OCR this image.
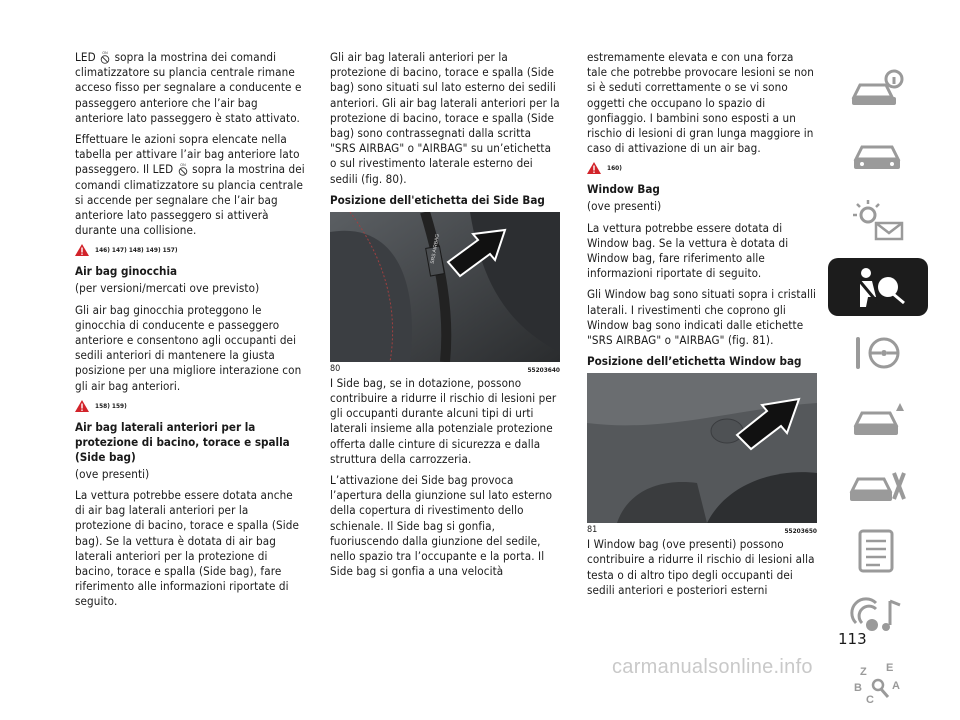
LED ON sopra la mostrina dei comandi climatizzatore su plancia centrale rimane acceso fisso per segnalare a conducente e passeggero anteriore che l’air bag anteriore lato passeggero è stato attivato.

Effettuare le azioni sopra elencate nella tabella per attivare l’air bag anteriore lato passeggero. Il LED ON sopra la mostrina dei comandi climatizzatore su plancia centrale si accende per segnalare che l’air bag anteriore lato passeggero si attiverà durante una collisione.

146) 147) 148) 149) 157)
Air bag ginocchia

(per versioni/mercati ove previsto)

Gli air bag ginocchia proteggono le ginocchia di conducente e passeggero anteriore e consentono agli occupanti dei sedili anteriori di mantenere la giusta posizione per una migliore interazione con gli air bag anteriori.

158) 159)
Air bag laterali anteriori per la protezione di bacino, torace e spalla (Side bag)

(ove presenti)

La vettura potrebbe essere dotata anche di air bag laterali anteriori per la protezione di bacino, torace e spalla (Side bag). Se la vettura è dotata di air bag laterali anteriori per la protezione di bacino, torace e spalla (Side bag), fare riferimento alle informazioni riportate di seguito.

Gli air bag laterali anteriori per la protezione di bacino, torace e spalla (Side bag) sono situati sul lato esterno dei sedili anteriori. Gli air bag laterali anteriori per la protezione di bacino, torace e spalla (Side bag) sono contrassegnati dalla scritta "SRS AIRBAG" o "AIRBAG" su un’etichetta o sul rivestimento laterale esterno dei sedili (fig. 80).

Posizione dell'etichetta dei Side Bag
SRS AIRBAG
80	55203640

I Side bag, se in dotazione, possono contribuire a ridurre il rischio di lesioni per gli occupanti durante alcuni tipi di urti laterali insieme alla potenziale protezione offerta dalle cinture di sicurezza e dalla struttura della carrozzeria.

L’attivazione dei Side bag provoca l’apertura della giunzione sul lato esterno della copertura di rivestimento dello schienale. Il Side bag si gonfia, fuoriuscendo dalla giunzione del sedile, nello spazio tra l’occupante e la porta. Il Side bag si gonfia a una velocità

estremamente elevata e con una forza tale che potrebbe provocare lesioni se non si è seduti correttamente o se vi sono oggetti che occupano lo spazio di gonfiaggio. I bambini sono esposti a un rischio di lesioni di gran lunga maggiore in caso di attivazione di un air bag.

160)
Window Bag

(ove presenti)

La vettura potrebbe essere dotata di Window bag. Se la vettura è dotata di Window bag, fare riferimento alle informazioni riportate di seguito.

Gli Window bag sono situati sopra i cristalli laterali. I rivestimenti che coprono gli Window bag sono indicati dalle etichette "SRS AIRBAG" o "AIRBAG" (fig. 81).

Posizione dell’etichetta Window bag
81	55203650

I Window bag (ove presenti) possono contribuire a ridurre il rischio di lesioni alla testa o di altro tipo degli occupanti dei sedili anteriori e posteriori esterni

Z E
B	A
C
113
carmanualsonline.info
